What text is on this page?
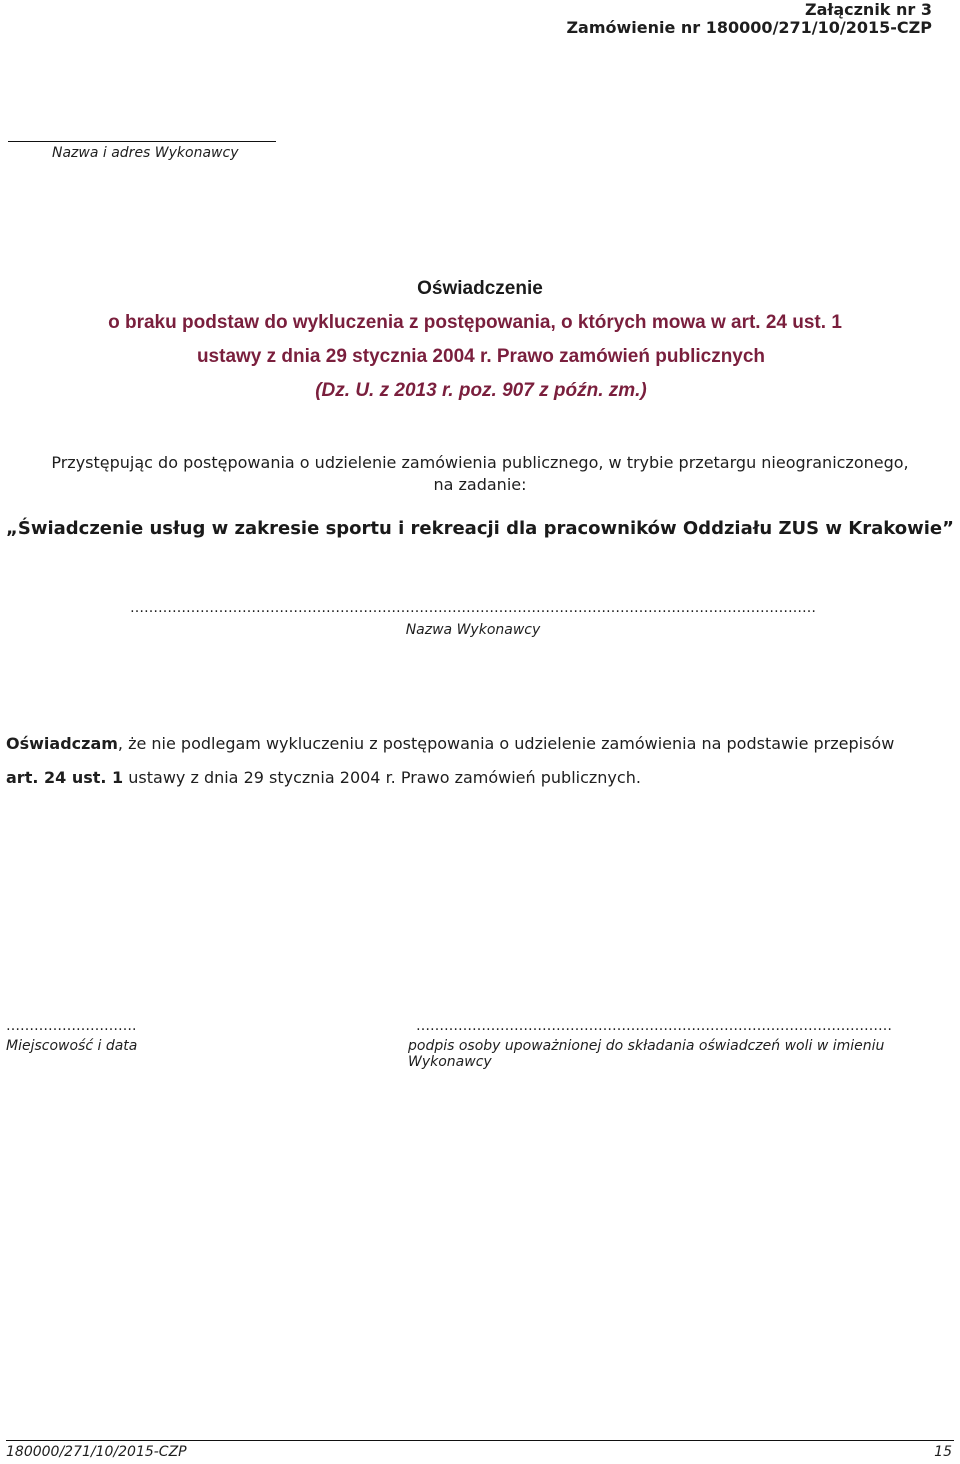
Załącznik nr 3
Zamówienie nr 180000/271/10/2015-CZP
Nazwa i adres Wykonawcy
Oświadczenie
o braku podstaw do wykluczenia z postępowania, o których mowa w art. 24 ust. 1
ustawy z dnia 29 stycznia 2004 r. Prawo zamówień publicznych
(Dz. U. z 2013 r. poz. 907 z późn. zm.)
Przystępując do postępowania o udzielenie zamówienia publicznego, w trybie przetargu nieograniczonego,
na zadanie:
„Świadczenie usług w zakresie sportu i rekreacji dla pracowników Oddziału ZUS w Krakowie”
…………………………………………………………………………………………………………………………………
Nazwa Wykonawcy
Oświadczam, że nie podlegam wykluczeniu z postępowania o udzielenie zamówienia na podstawie przepisów
art. 24 ust. 1 ustawy z dnia 29 stycznia 2004 r. Prawo zamówień publicznych.
……………………….
Miejscowość i data
…………………………………………………………………………………………
podpis osoby upoważnionej do składania oświadczeń woli w imieniu Wykonawcy
180000/271/10/2015-CZP	15
